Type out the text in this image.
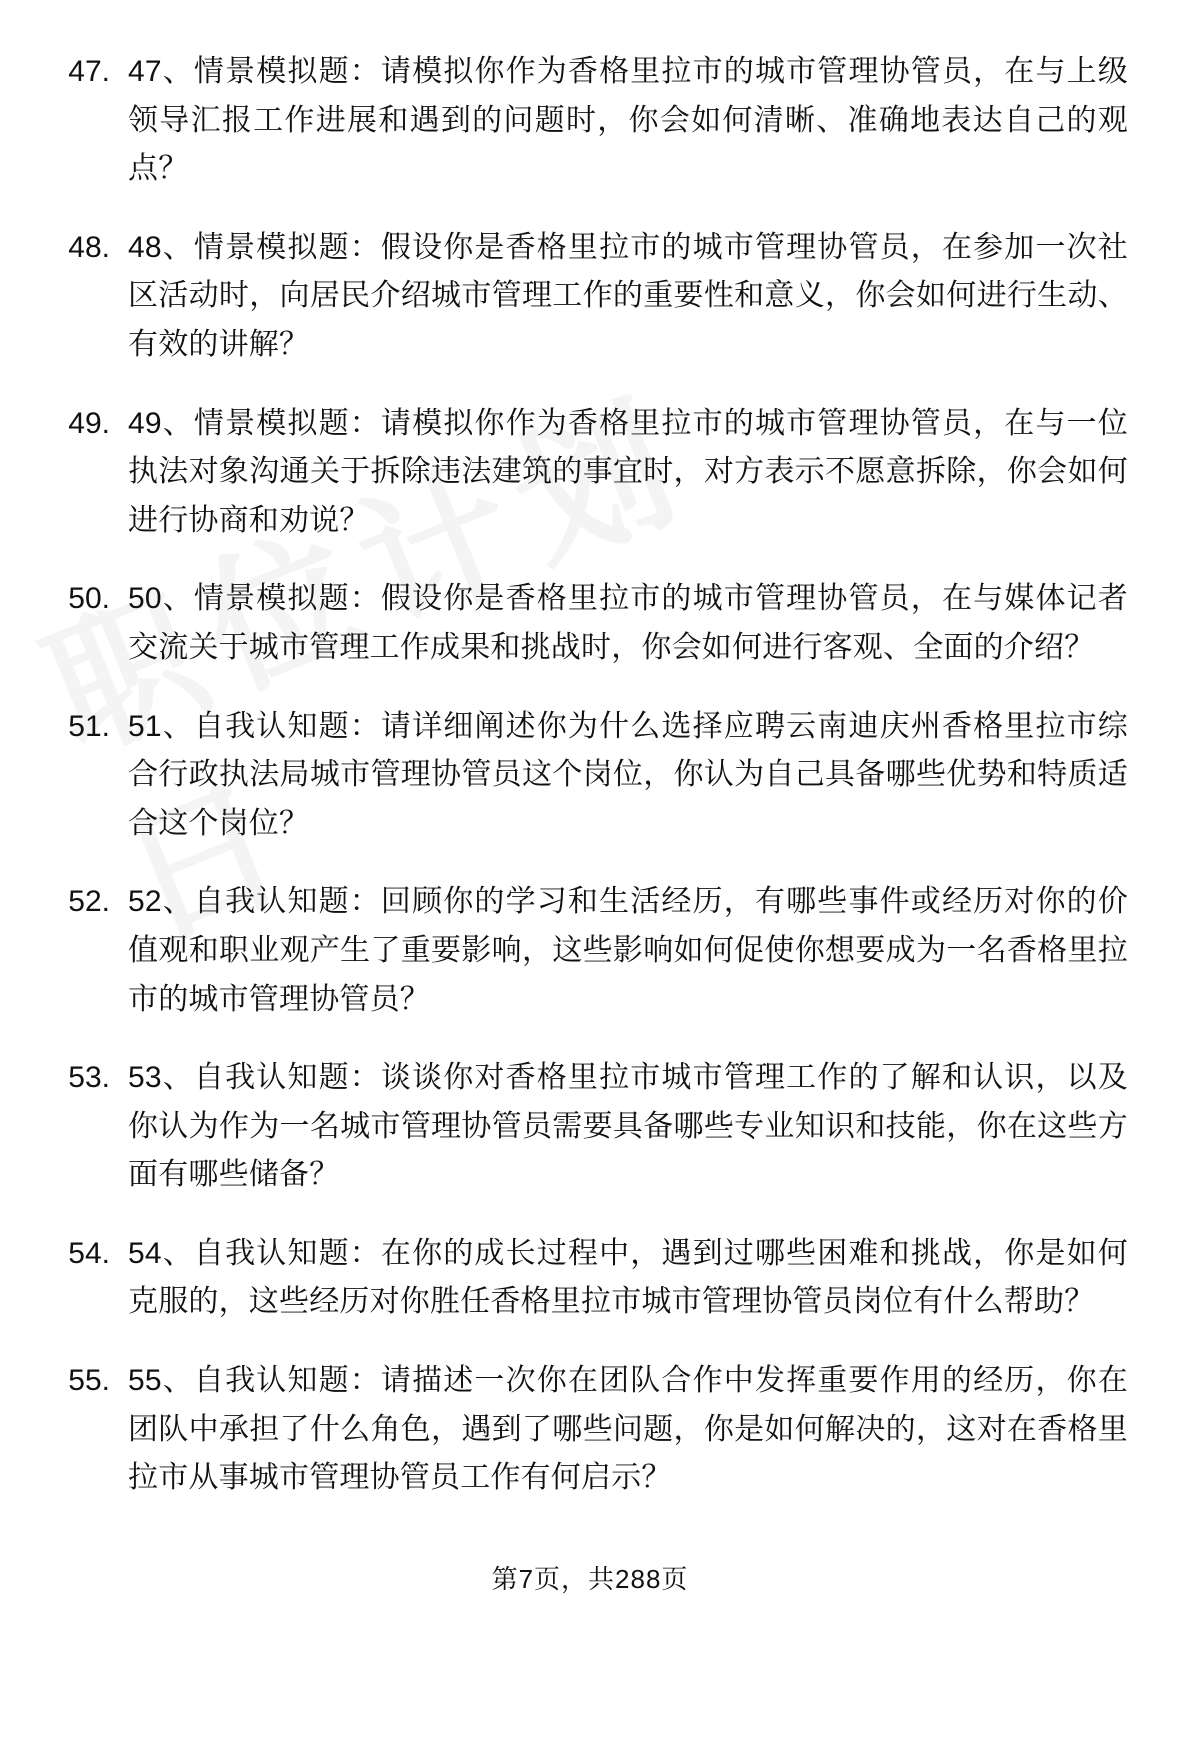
47. 47、情景模拟题：请模拟你作为香格里拉市的城市管理协管员，在与上级领导汇报工作进展和遇到的问题时，你会如何清晰、准确地表达自己的观点？
48. 48、情景模拟题：假设你是香格里拉市的城市管理协管员，在参加一次社区活动时，向居民介绍城市管理工作的重要性和意义，你会如何进行生动、有效的讲解？
49. 49、情景模拟题：请模拟你作为香格里拉市的城市管理协管员，在与一位执法对象沟通关于拆除违法建筑的事宜时，对方表示不愿意拆除，你会如何进行协商和劝说？
50. 50、情景模拟题：假设你是香格里拉市的城市管理协管员，在与媒体记者交流关于城市管理工作成果和挑战时，你会如何进行客观、全面的介绍？
51. 51、自我认知题：请详细阐述你为什么选择应聘云南迪庆州香格里拉市综合行政执法局城市管理协管员这个岗位，你认为自己具备哪些优势和特质适合这个岗位？
52. 52、自我认知题：回顾你的学习和生活经历，有哪些事件或经历对你的价值观和职业观产生了重要影响，这些影响如何促使你想要成为一名香格里拉市的城市管理协管员？
53. 53、自我认知题：谈谈你对香格里拉市城市管理工作的了解和认识，以及你认为作为一名城市管理协管员需要具备哪些专业知识和技能，你在这些方面有哪些储备？
54. 54、自我认知题：在你的成长过程中，遇到过哪些困难和挑战，你是如何克服的，这些经历对你胜任香格里拉市城市管理协管员岗位有什么帮助？
55. 55、自我认知题：请描述一次你在团队合作中发挥重要作用的经历，你在团队中承担了什么角色，遇到了哪些问题，你是如何解决的，这对在香格里拉市从事城市管理协管员工作有何启示？
第7页，共288页
